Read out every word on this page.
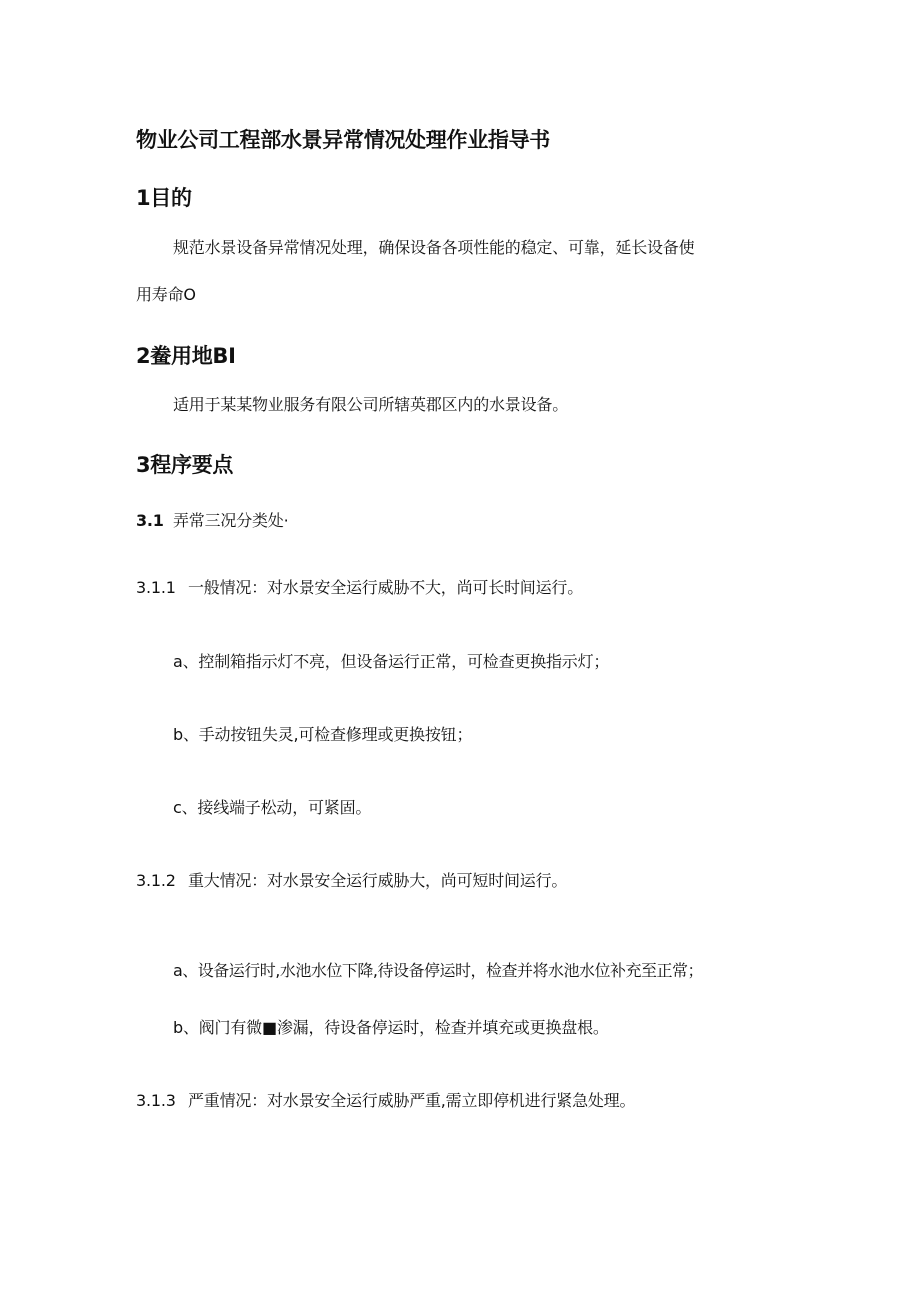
物业公司工程部水景异常情况处理作业指导书
1目的

规范水景设备异常情况处理，确保设备各项性能的稳定、可靠，延长设备使

用寿命O

2鲞用地BI

适用于某某物业服务有限公司所辖英郡区内的水景设备。

3程序要点
3.1 弄常三况分类处·
3.1.1 一般情况：对水景安全运行威胁不大，尚可长时间运行。

a、控制箱指示灯不亮，但设备运行正常，可检查更换指示灯；

b、手动按钮失灵,可检查修理或更换按钮；

c、接线端子松动，可紧固。

3.1.2 重大情况：对水景安全运行威胁大，尚可短时间运行。

a、设备运行时,水池水位下降,待设备停运时，检查并将水池水位补充至正常；

b、阀门有微■渗漏，待设备停运时，检查并填充或更换盘根。

3.1.3 严重情况：对水景安全运行威胁严重,需立即停机进行紧急处理。
